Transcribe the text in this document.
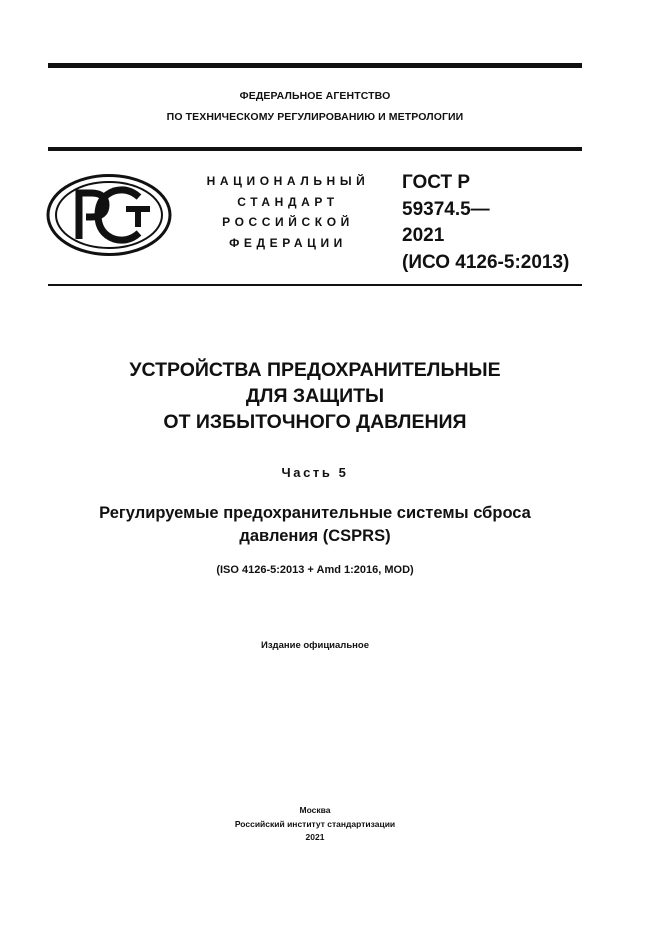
ФЕДЕРАЛЬНОЕ АГЕНТСТВО
ПО ТЕХНИЧЕСКОМУ РЕГУЛИРОВАНИЮ И МЕТРОЛОГИИ
НАЦИОНАЛЬНЫЙ
СТАНДАРТ
РОССИЙСКОЙ
ФЕДЕРАЦИИ
ГОСТ Р
59374.5—
2021
(ИСО 4126-5:2013)
УСТРОЙСТВА ПРЕДОХРАНИТЕЛЬНЫЕ
ДЛЯ ЗАЩИТЫ
ОТ ИЗБЫТОЧНОГО ДАВЛЕНИЯ
Часть 5
Регулируемые предохранительные системы сброса
давления (CSPRS)
(ISO 4126-5:2013 + Amd 1:2016, MOD)
Издание официальное
Москва
Российский институт стандартизации
2021
